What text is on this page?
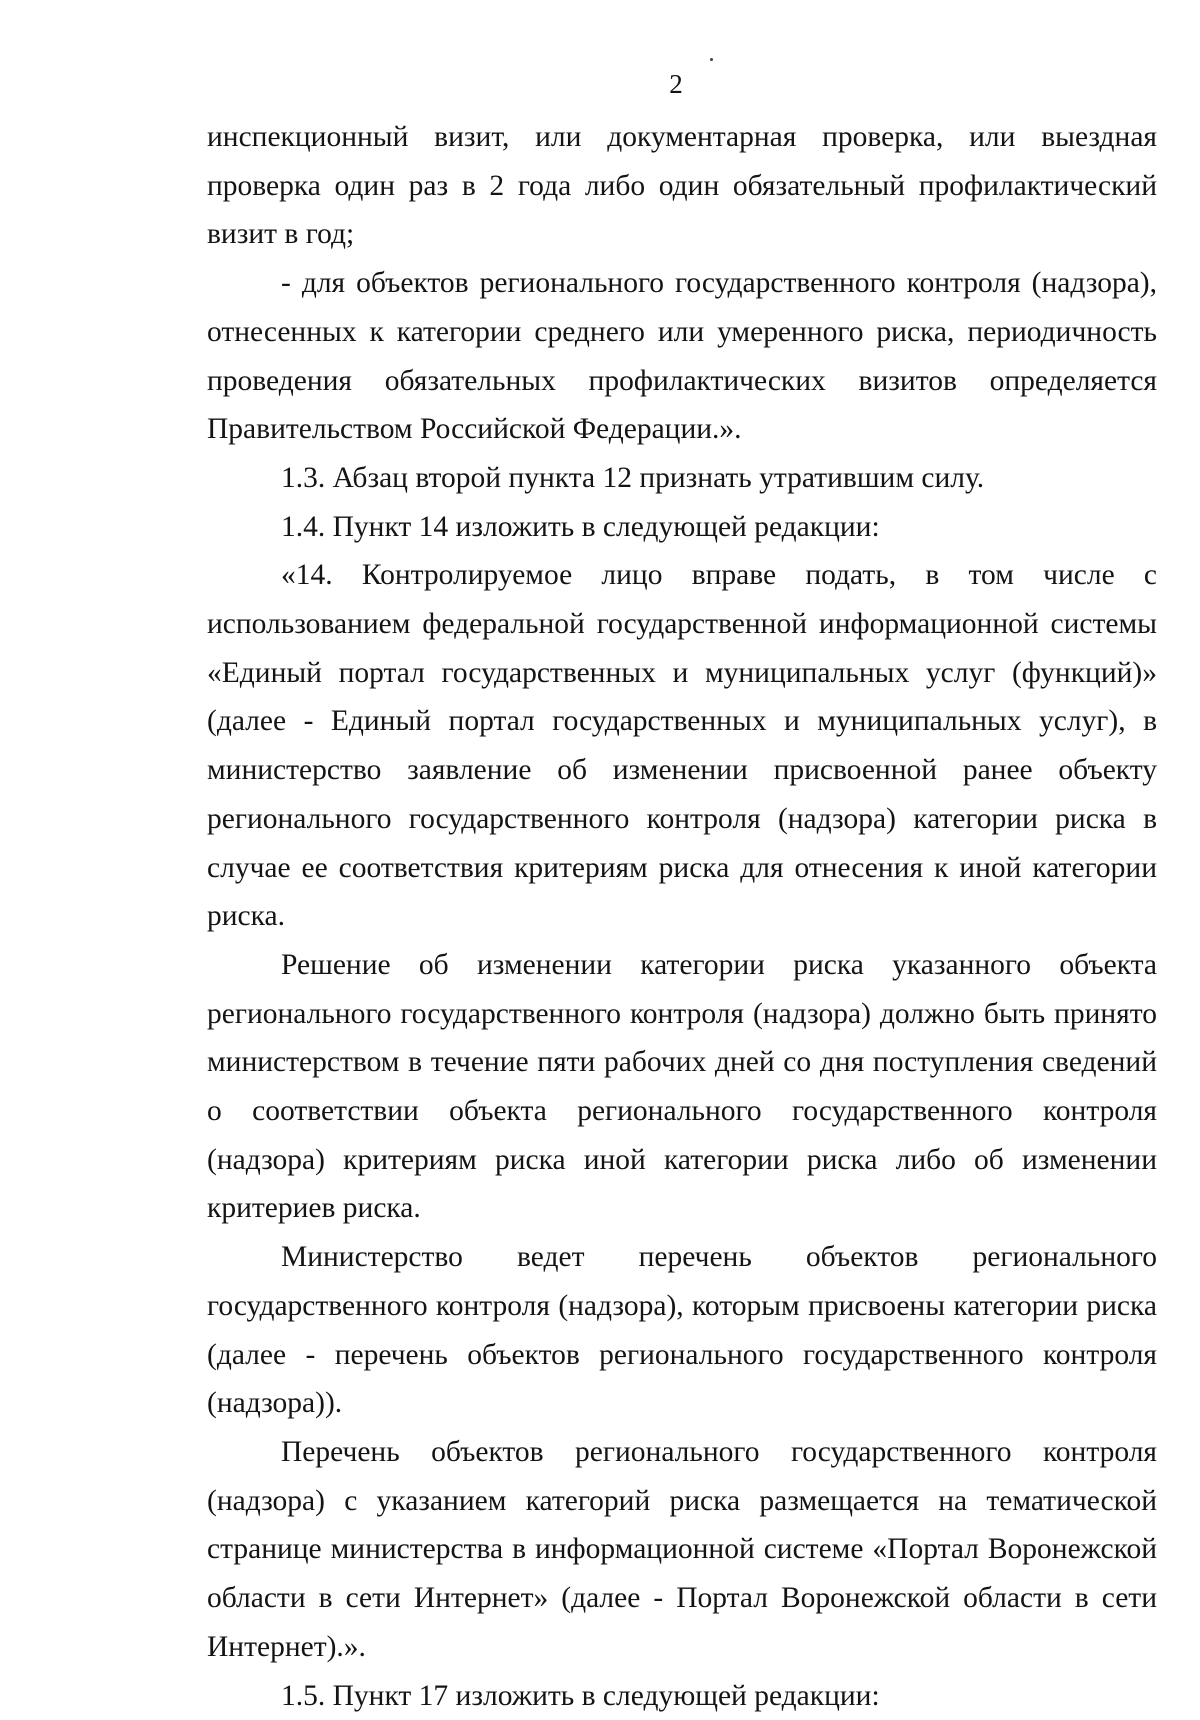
2

инспекционный визит, или документарная проверка, или выездная проверка один раз в 2 года либо один обязательный профилактический визит в год;

- для объектов регионального государственного контроля (надзора), отнесенных к категории среднего или умеренного риска, периодичность проведения обязательных профилактических визитов определяется Правительством Российской Федерации.».

1.3. Абзац второй пункта 12 признать утратившим силу.

1.4. Пункт 14 изложить в следующей редакции:

«14. Контролируемое лицо вправе подать, в том числе с использованием федеральной государственной информационной системы «Единый портал государственных и муниципальных услуг (функций)» (далее - Единый портал государственных и муниципальных услуг), в министерство заявление об изменении присвоенной ранее объекту регионального государственного контроля (надзора) категории риска в случае ее соответствия критериям риска для отнесения к иной категории риска.

Решение об изменении категории риска указанного объекта регионального государственного контроля (надзора) должно быть принято министерством в течение пяти рабочих дней со дня поступления сведений о соответствии объекта регионального государственного контроля (надзора) критериям риска иной категории риска либо об изменении критериев риска.

Министерство ведет перечень объектов регионального государственного контроля (надзора), которым присвоены категории риска (далее - перечень объектов регионального государственного контроля (надзора)).

Перечень объектов регионального государственного контроля (надзора) с указанием категорий риска размещается на тематической странице министерства в информационной системе «Портал Воронежской области в сети Интернет» (далее - Портал Воронежской области в сети Интернет).».

1.5. Пункт 17 изложить в следующей редакции:
